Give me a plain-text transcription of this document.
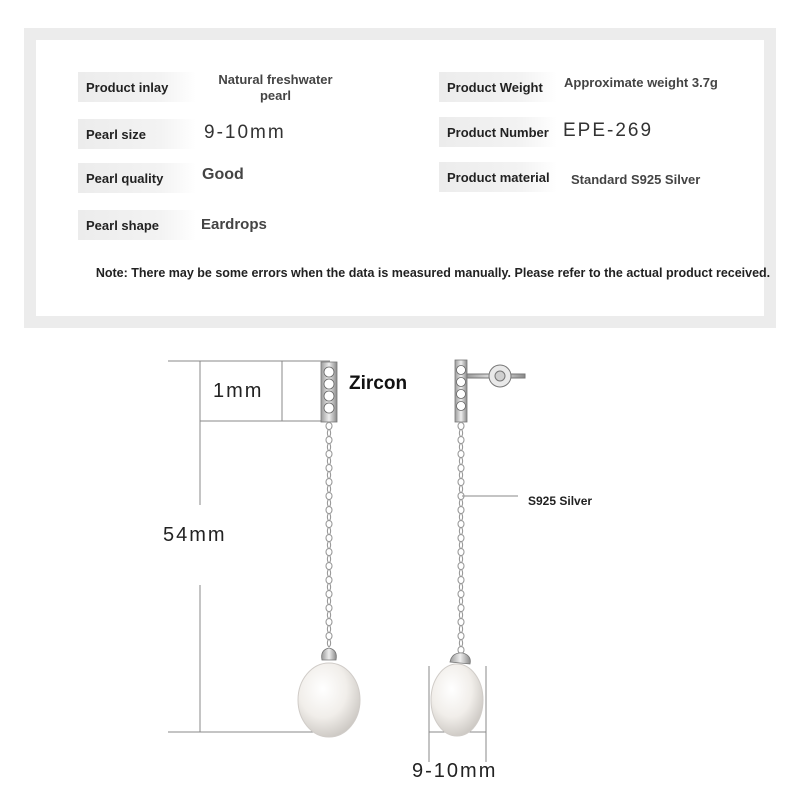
Product inlay	Natural freshwater
pearl
Pearl size	9-10mm
Pearl quality	Good
Pearl shape	Eardrops
Product Weight	Approximate weight 3.7g
Product Number EPE-269
Product material	Standard S925 Silver
Note: There may be some errors when the data is measured manually. Please refer to the actual product received.
1mm
54mm
9-10mm
Zircon
S925 Silver
